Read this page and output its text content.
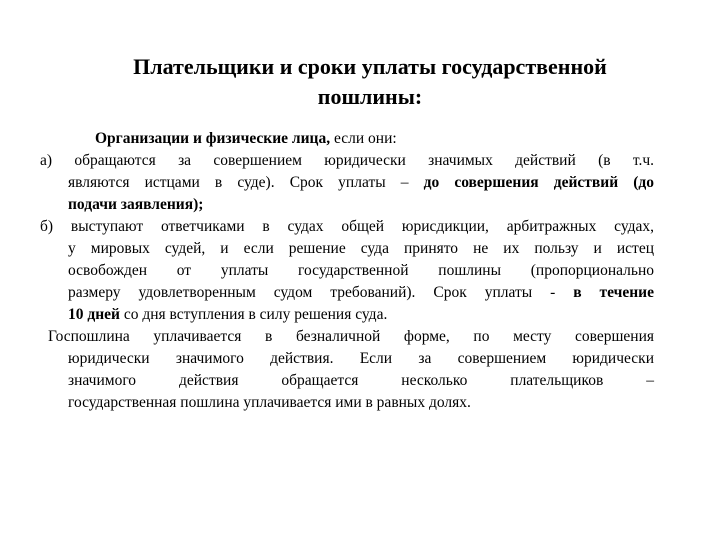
Плательщики и сроки уплаты государственной
пошлины:
Организации и физические лица, если они:
а) обращаются за совершением юридически значимых действий (в т.ч.
являются истцами в суде). Срок уплаты – до совершения действий (до
подачи заявления);
б) выступают ответчиками в судах общей юрисдикции, арбитражных судах,
у мировых судей, и если решение суда принято не их пользу и истец
освобожден от уплаты государственной пошлины (пропорционально
размеру удовлетворенным судом требований). Срок уплаты - в течение
10 дней со дня вступления в силу решения суда.
Госпошлина уплачивается в безналичной форме, по месту совершения
юридически значимого действия. Если за совершением юридически
значимого действия обращается несколько плательщиков –
государственная пошлина уплачивается ими в равных долях.
